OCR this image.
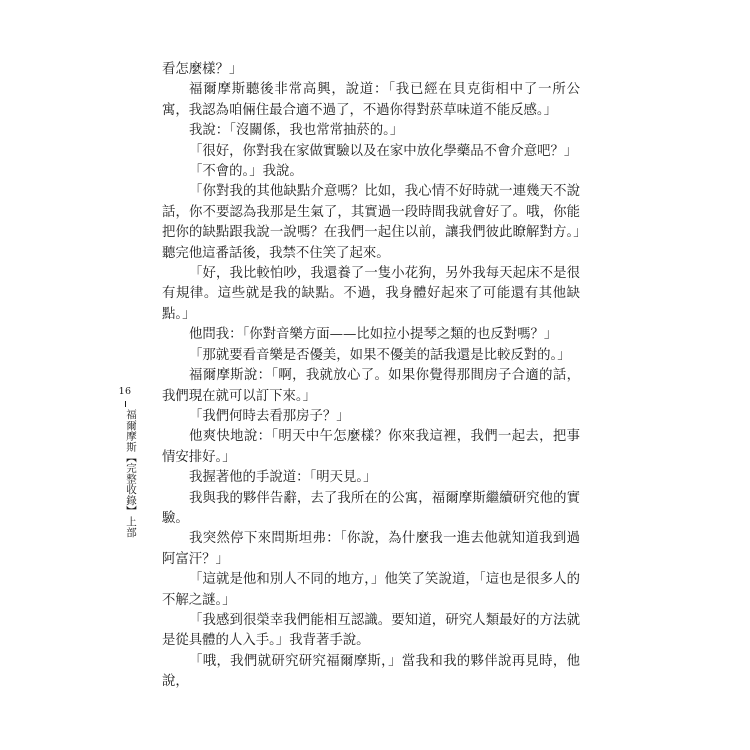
16
福爾摩斯【完整收錄】上部

看怎麼樣？」

福爾摩斯聽後非常高興，說道：「我已經在貝克街相中了一所公寓，我認為咱倆住最合適不過了，不過你得對菸草味道不能反感。」

我說：「沒關係，我也常常抽菸的。」

「很好，你對我在家做實驗以及在家中放化學藥品不會介意吧？」

「不會的。」我說。

「你對我的其他缺點介意嗎？比如，我心情不好時就一連幾天不說話，你不要認為我那是生氣了，其實過一段時間我就會好了。哦，你能把你的缺點跟我說一說嗎？在我們一起住以前，讓我們彼此瞭解對方。」聽完他這番話後，我禁不住笑了起來。

「好，我比較怕吵，我還養了一隻小花狗，另外我每天起床不是很有規律。這些就是我的缺點。不過，我身體好起來了可能還有其他缺點。」

他問我：「你對音樂方面——比如拉小提琴之類的也反對嗎？」

「那就要看音樂是否優美，如果不優美的話我還是比較反對的。」

福爾摩斯說：「啊，我就放心了。如果你覺得那間房子合適的話，我們現在就可以訂下來。」

「我們何時去看那房子？」

他爽快地說：「明天中午怎麼樣？你來我這裡，我們一起去，把事情安排好。」

我握著他的手說道：「明天見。」

我與我的夥伴告辭，去了我所在的公寓，福爾摩斯繼續研究他的實驗。

我突然停下來問斯坦弗：「你說，為什麼我一進去他就知道我到過阿富汗？」

「這就是他和別人不同的地方，」他笑了笑說道，「這也是很多人的不解之謎。」

「我感到很榮幸我們能相互認識。要知道，研究人類最好的方法就是從具體的人入手。」我背著手說。

「哦，我們就研究研究福爾摩斯，」當我和我的夥伴說再見時，他說，
